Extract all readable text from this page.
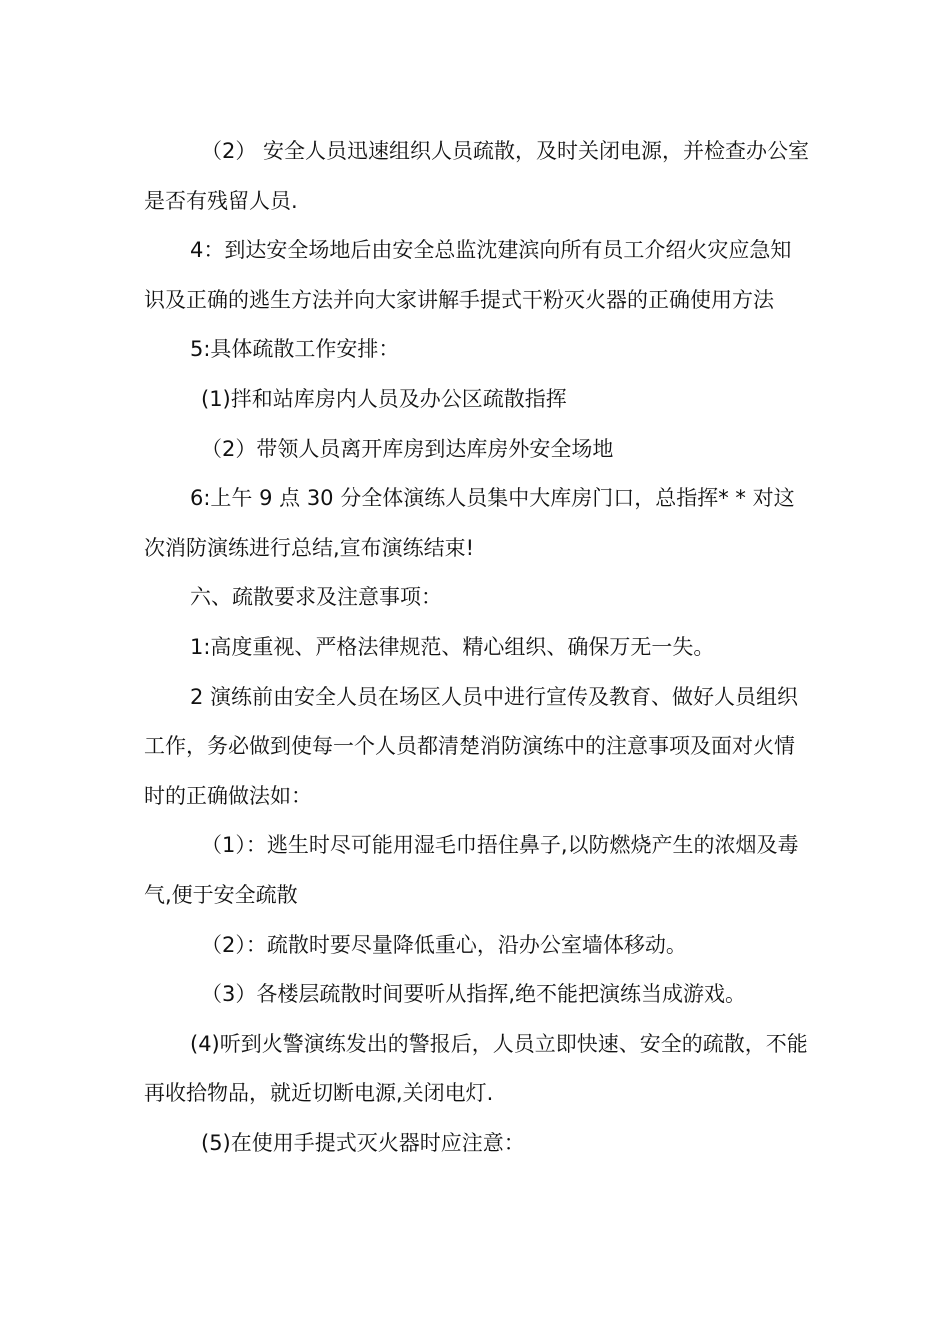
（2） 安全人员迅速组织人员疏散，及时关闭电源，并检查办公室是否有残留人员.

4：到达安全场地后由安全总监沈建滨向所有员工介绍火灾应急知识及正确的逃生方法并向大家讲解手提式干粉灭火器的正确使用方法

5:具体疏散工作安排：

(1)拌和站库房内人员及办公区疏散指挥

（2）带领人员离开库房到达库房外安全场地

6:上午 9 点 30 分全体演练人员集中大库房门口，总指挥* * 对这次消防演练进行总结,宣布演练结束!

六、疏散要求及注意事项：

1:高度重视、严格法律规范、精心组织、确保万无一失。

2 演练前由安全人员在场区人员中进行宣传及教育、做好人员组织工作，务必做到使每一个人员都清楚消防演练中的注意事项及面对火情时的正确做法如：

（1）：逃生时尽可能用湿毛巾捂住鼻子,以防燃烧产生的浓烟及毒气,便于安全疏散

（2）：疏散时要尽量降低重心，沿办公室墙体移动。

（3）各楼层疏散时间要听从指挥,绝不能把演练当成游戏。

(4)听到火警演练发出的警报后，人员立即快速、安全的疏散，不能再收拾物品，就近切断电源,关闭电灯.

(5)在使用手提式灭火器时应注意：
